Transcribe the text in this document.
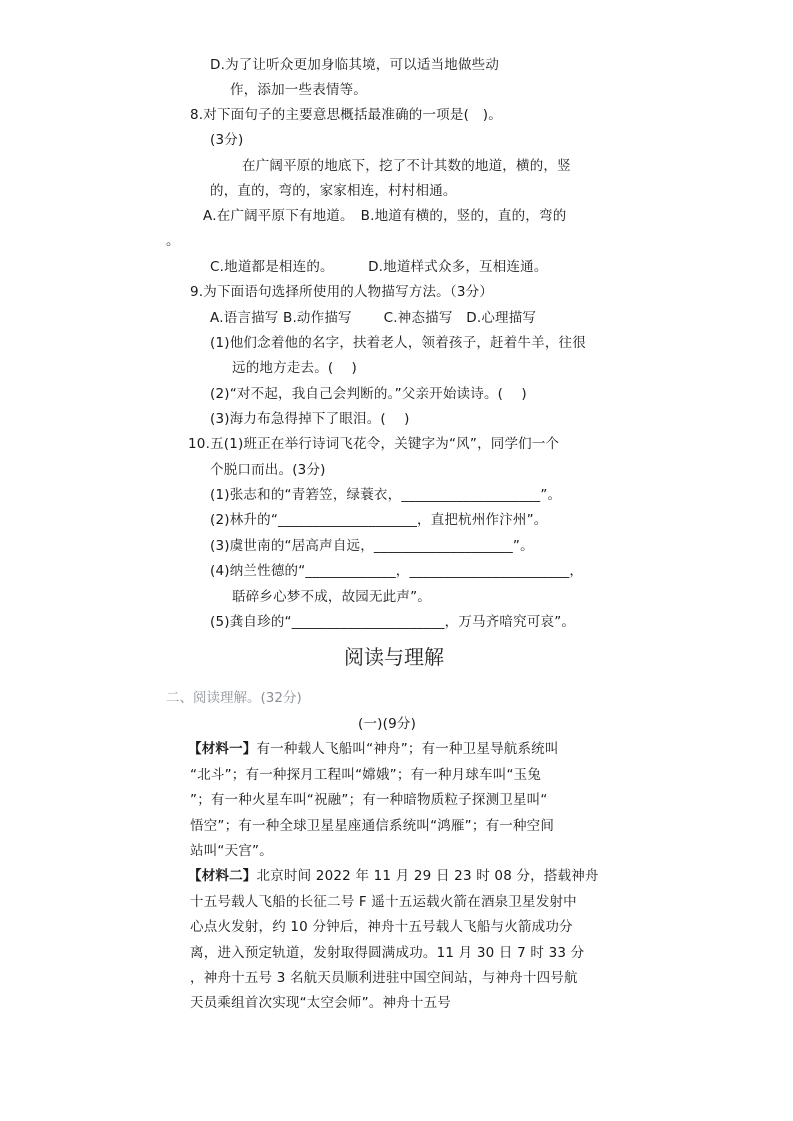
D.为了让听众更加身临其境，可以适当地做些动
作，添加一些表情等。
8.对下面句子的主要意思概括最准确的一项是(　)。
(3分)
在广阔平原的地底下，挖了不计其数的地道，横的，竖
的，直的，弯的，家家相连，村村相通。
A.在广阔平原下有地道。　B.地道有横的，竖的，直的，弯的
。
C.地道都是相连的。　　　D.地道样式众多，互相连通。
9.为下面语句选择所使用的人物描写方法。（3分）
A.语言描写 B.动作描写　　 C.神态描写　D.心理描写
(1)他们念着他的名字，扶着老人，领着孩子，赶着牛羊，往很
远的地方走去。(　 )
(2)“对不起，我自己会判断的。”父亲开始读诗。(　 )
(3)海力布急得掉下了眼泪。(　 )
10.五(1)班正在举行诗词飞花令，关键字为“风”，同学们一个
个脱口而出。(3分)
(1)张志和的“青箬笠，绿蓑衣，____________________”。
(2)林升的“____________________，直把杭州作汴州”。
(3)虞世南的“居高声自远，____________________”。
(4)纳兰性德的“_____________，_______________________，
聒碎乡心梦不成，故园无此声”。
(5)龚自珍的“______________________，万马齐喑究可哀”。
阅读与理解
二、阅读理解。(32分)
(一)(9分)
【材料一】有一种载人飞船叫“神舟”；有一种卫星导航系统叫
“北斗”；有一种探月工程叫“嫦娥”；有一种月球车叫“玉兔
”；有一种火星车叫“祝融”；有一种暗物质粒子探测卫星叫“
悟空”；有一种全球卫星星座通信系统叫“鸿雁”；有一种空间
站叫“天宫”。
【材料二】北京时间 2022 年 11 月 29 日 23 时 08 分，搭载神舟
十五号载人飞船的长征二号 F 遥十五运载火箭在酒泉卫星发射中
心点火发射，约 10 分钟后，神舟十五号载人飞船与火箭成功分
离，进入预定轨道，发射取得圆满成功。11 月 30 日 7 时 33 分
，神舟十五号 3 名航天员顺利进驻中国空间站，与神舟十四号航
天员乘组首次实现“太空会师”。神舟十五号
